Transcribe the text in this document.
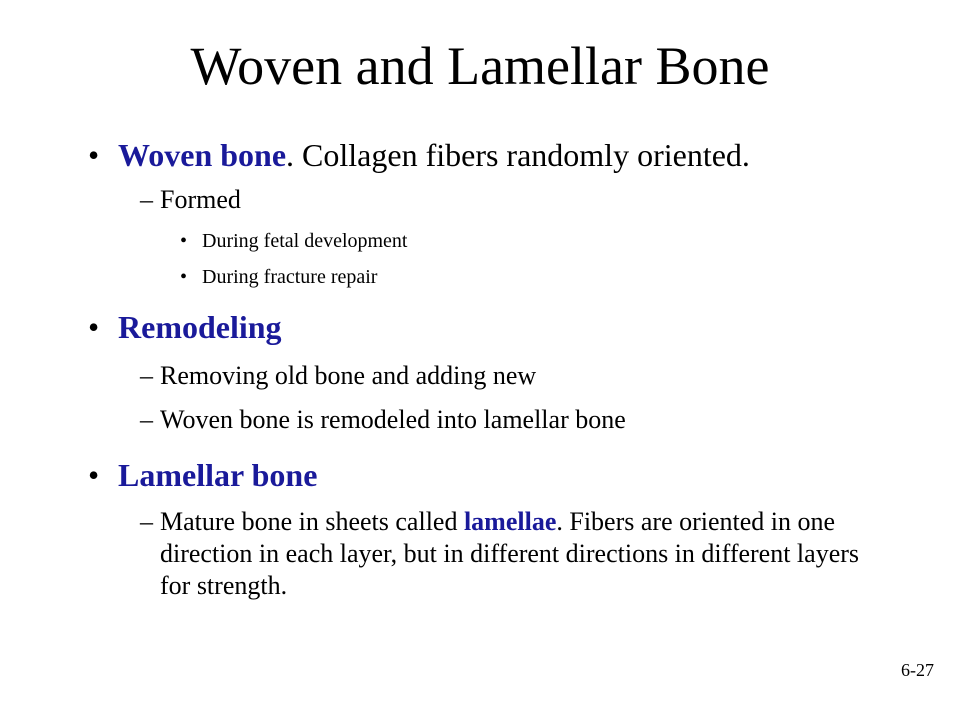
Woven and Lamellar Bone
• Woven bone. Collagen fibers randomly oriented.
– Formed
• During fetal development
• During fracture repair
• Remodeling
– Removing old bone and adding new
– Woven bone is remodeled into lamellar bone
• Lamellar bone
– Mature bone in sheets called lamellae. Fibers are oriented in one direction in each layer, but in different directions in different layers for strength.
6-27
